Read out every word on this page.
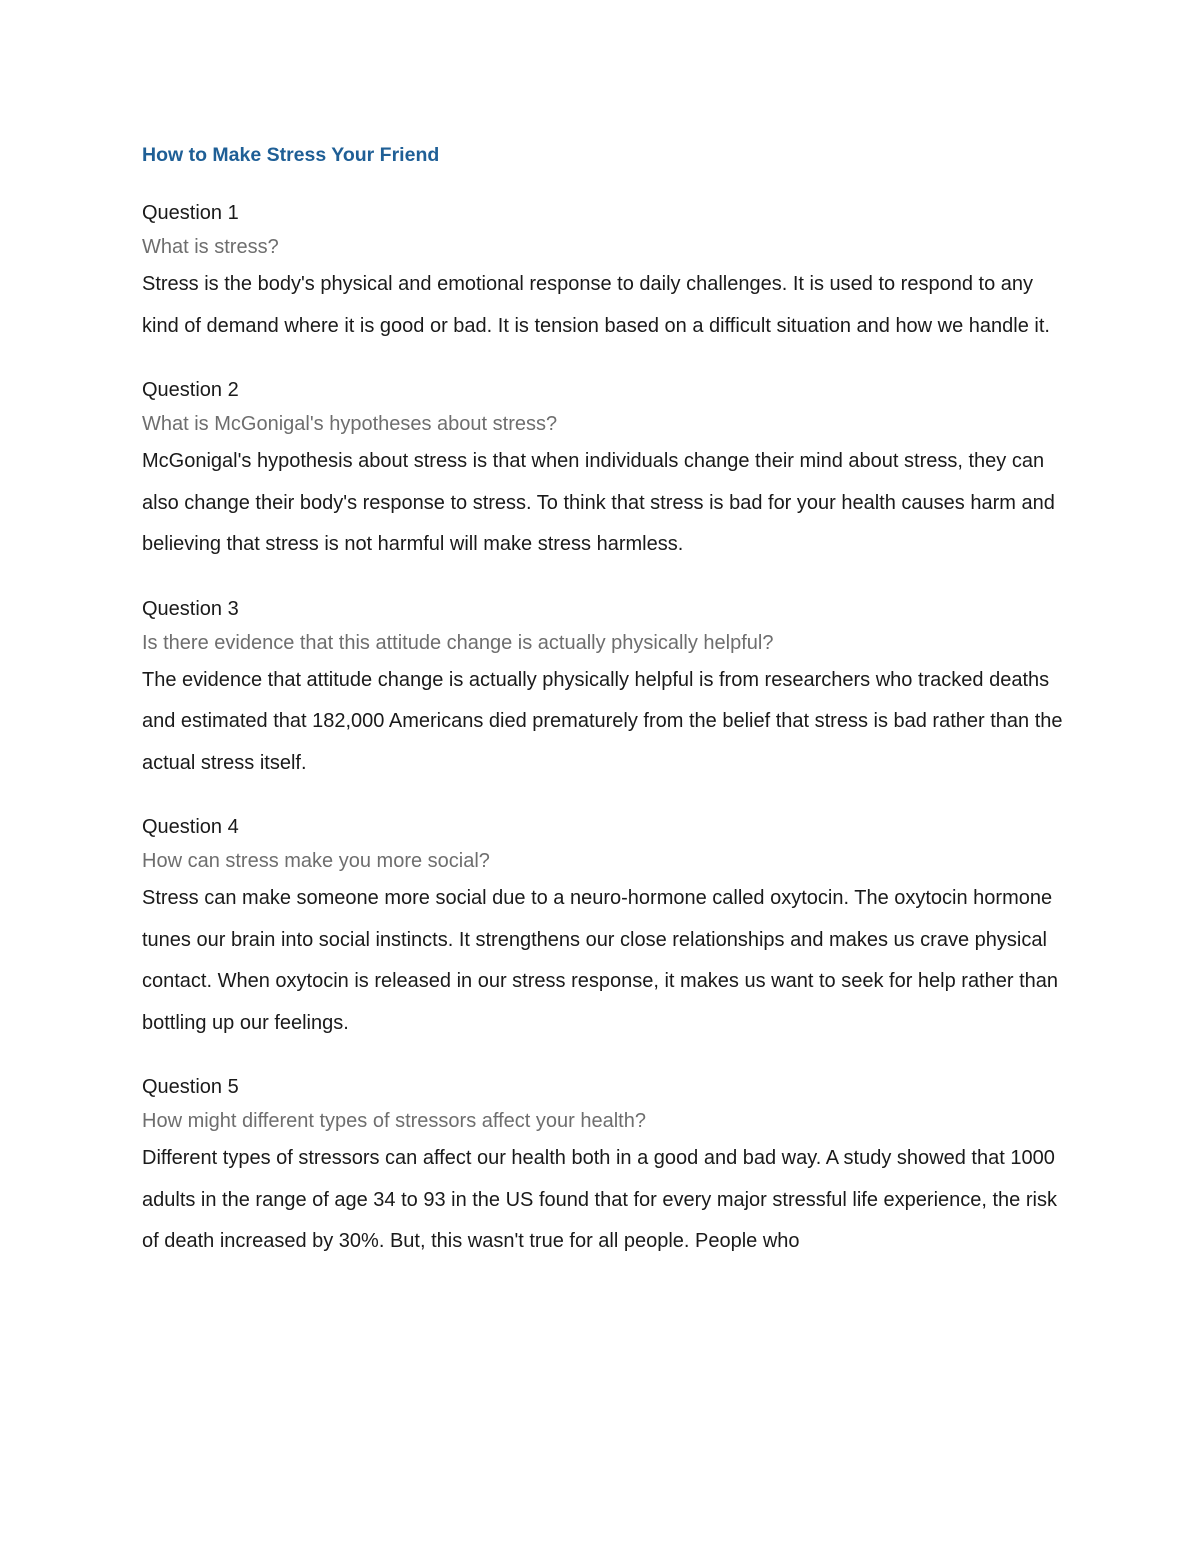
How to Make Stress Your Friend

Question 1

What is stress?

Stress is the body's physical and emotional response to daily challenges. It is used to respond to any kind of demand where it is good or bad. It is tension based on a difficult situation and how we handle it.

Question 2

What is McGonigal's hypotheses about stress?

McGonigal's hypothesis about stress is that when individuals change their mind about stress, they can also change their body's response to stress. To think that stress is bad for your health causes harm and believing that stress is not harmful will make stress harmless.

Question 3

Is there evidence that this attitude change is actually physically helpful?

The evidence that attitude change is actually physically helpful is from researchers who tracked deaths and estimated that 182,000 Americans died prematurely from the belief that stress is bad rather than the actual stress itself.

Question 4

How can stress make you more social?

Stress can make someone more social due to a neuro-hormone called oxytocin. The oxytocin hormone tunes our brain into social instincts. It strengthens our close relationships and makes us crave physical contact. When oxytocin is released in our stress response, it makes us want to seek for help rather than bottling up our feelings.

Question 5

How might different types of stressors affect your health?

Different types of stressors can affect our health both in a good and bad way. A study showed that 1000 adults in the range of age 34 to 93 in the US found that for every major stressful life experience, the risk of death increased by 30%. But, this wasn't true for all people. People who
